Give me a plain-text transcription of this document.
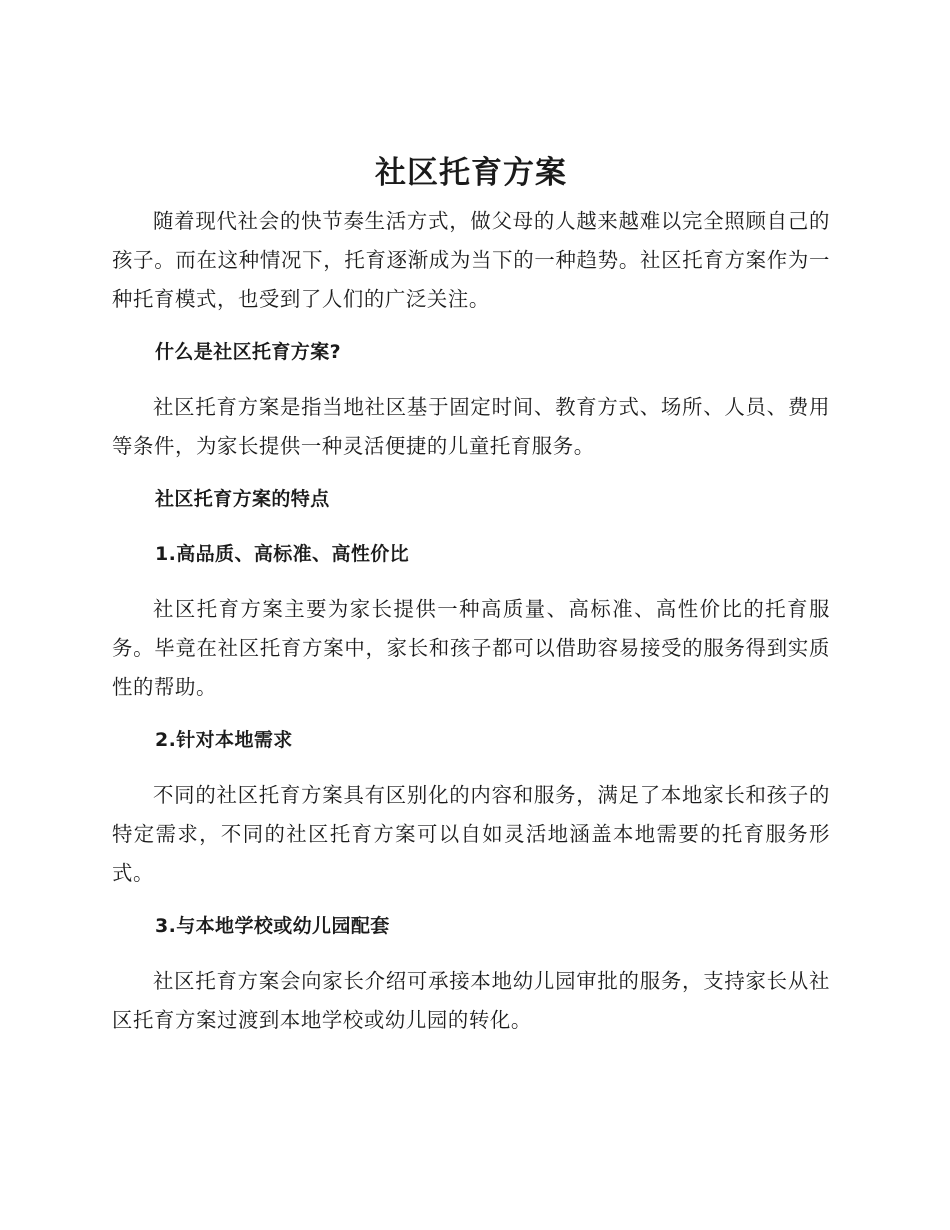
社区托育方案

随着现代社会的快节奏生活方式，做父母的人越来越难以完全照顾自己的孩子。而在这种情况下，托育逐渐成为当下的一种趋势。社区托育方案作为一种托育模式，也受到了人们的广泛关注。

什么是社区托育方案?

社区托育方案是指当地社区基于固定时间、教育方式、场所、人员、费用等条件，为家长提供一种灵活便捷的儿童托育服务。

社区托育方案的特点
1.高品质、高标准、高性价比

社区托育方案主要为家长提供一种高质量、高标准、高性价比的托育服务。毕竟在社区托育方案中，家长和孩子都可以借助容易接受的服务得到实质性的帮助。

2.针对本地需求

不同的社区托育方案具有区别化的内容和服务，满足了本地家长和孩子的特定需求，不同的社区托育方案可以自如灵活地涵盖本地需要的托育服务形式。

3.与本地学校或幼儿园配套

社区托育方案会向家长介绍可承接本地幼儿园审批的服务，支持家长从社区托育方案过渡到本地学校或幼儿园的转化。
